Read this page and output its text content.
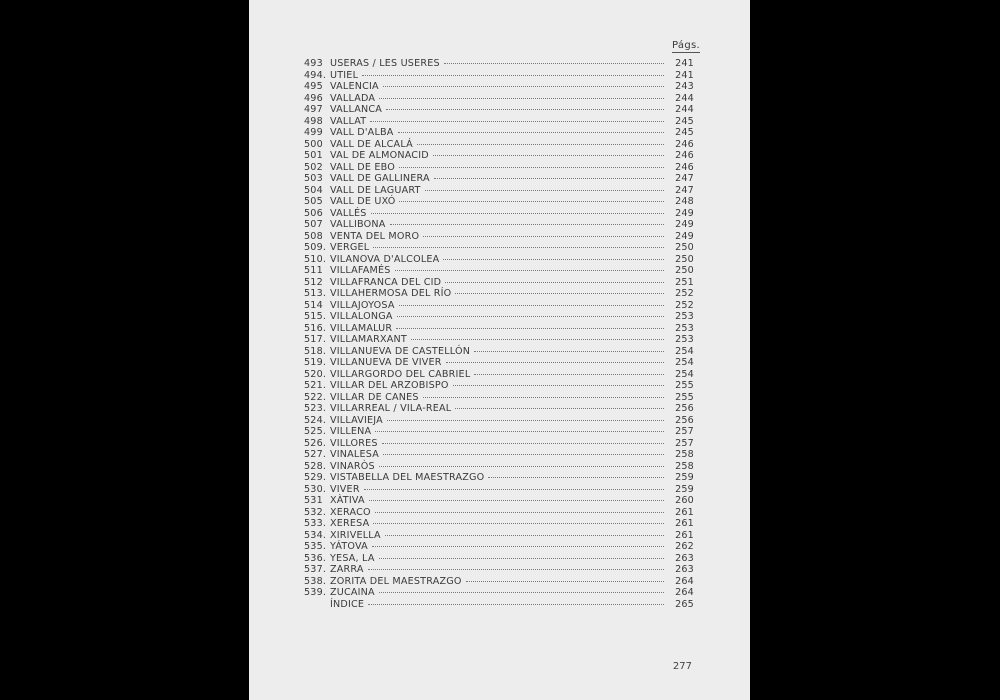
Págs.
493 USERAS / LES USERES	241
494. UTIEL	241
495 VALENCIA	243
496 VALLADA	244
497 VALLANCA	244
498 VALLAT	245
499 VALL D'ALBA	245
500 VALL DE ALCALÁ	246
501 VAL DE ALMONACID	246
502 VALL DE EBO	246
503 VALL DE GALLINERA	247
504 VALL DE LAGUART	247
505 VALL DE UXÓ	248
506 VALLÉS	249
507 VALLIBONA	249
508 VENTA DEL MORO	249
509. VERGEL	250
510. VILANOVA D'ALCOLEA	250
511 VILLAFAMÉS	250
512 VILLAFRANCA DEL CID	251
513. VILLAHERMOSA DEL RÍO	252
514 VILLAJOYOSA	252
515. VILLALONGA	253
516. VILLAMALUR	253
517. VILLAMARXANT	253
518. VILLANUEVA DE CASTELLÓN	254
519. VILLANUEVA DE VIVER	254
520. VILLARGORDO DEL CABRIEL	254
521. VILLAR DEL ARZOBISPO	255
522. VILLAR DE CANES	255
523. VILLARREAL / VILA-REAL	256
524. VILLAVIEJA	256
525. VILLENA	257
526. VILLORES	257
527. VINALESA	258
528. VINARÒS	258
529. VISTABELLA DEL MAESTRAZGO	259
530. VIVER	259
531 XÀTIVA	260
532. XERACO	261
533. XERESA	261
534. XIRIVELLA	261
535. YÁTOVA	262
536. YESA, LA	263
537. ZARRA	263
538. ZORITA DEL MAESTRAZGO	264
539. ZUCAINA	264
ÍNDICE	265
277
